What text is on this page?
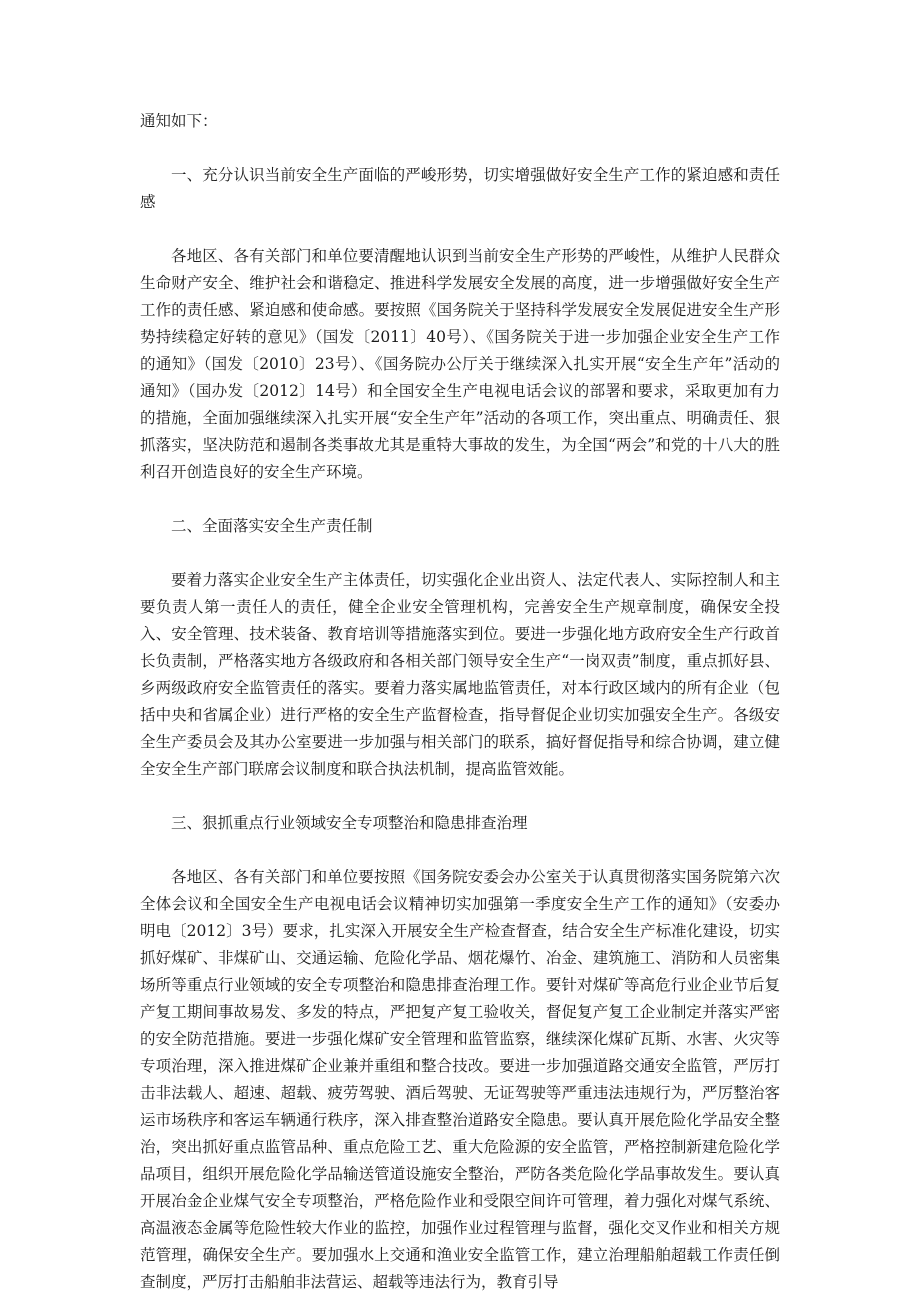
通知如下：

一、充分认识当前安全生产面临的严峻形势，切实增强做好安全生产工作的紧迫感和责任感

各地区、各有关部门和单位要清醒地认识到当前安全生产形势的严峻性，从维护人民群众生命财产安全、维护社会和谐稳定、推进科学发展安全发展的高度，进一步增强做好安全生产工作的责任感、紧迫感和使命感。要按照《国务院关于坚持科学发展安全发展促进安全生产形势持续稳定好转的意见》（国发〔2011〕40号）、《国务院关于进一步加强企业安全生产工作的通知》（国发〔2010〕23号）、《国务院办公厅关于继续深入扎实开展“安全生产年”活动的通知》（国办发〔2012〕14号）和全国安全生产电视电话会议的部署和要求，采取更加有力的措施，全面加强继续深入扎实开展“安全生产年”活动的各项工作，突出重点、明确责任、狠抓落实，坚决防范和遏制各类事故尤其是重特大事故的发生，为全国“两会”和党的十八大的胜利召开创造良好的安全生产环境。

二、全面落实安全生产责任制

要着力落实企业安全生产主体责任，切实强化企业出资人、法定代表人、实际控制人和主要负责人第一责任人的责任，健全企业安全管理机构，完善安全生产规章制度，确保安全投入、安全管理、技术装备、教育培训等措施落实到位。要进一步强化地方政府安全生产行政首长负责制，严格落实地方各级政府和各相关部门领导安全生产“一岗双责”制度，重点抓好县、乡两级政府安全监管责任的落实。要着力落实属地监管责任，对本行政区域内的所有企业（包括中央和省属企业）进行严格的安全生产监督检查，指导督促企业切实加强安全生产。各级安全生产委员会及其办公室要进一步加强与相关部门的联系，搞好督促指导和综合协调，建立健全安全生产部门联席会议制度和联合执法机制，提高监管效能。

三、狠抓重点行业领域安全专项整治和隐患排查治理

各地区、各有关部门和单位要按照《国务院安委会办公室关于认真贯彻落实国务院第六次全体会议和全国安全生产电视电话会议精神切实加强第一季度安全生产工作的通知》（安委办明电〔2012〕3号）要求，扎实深入开展安全生产检查督查，结合安全生产标准化建设，切实抓好煤矿、非煤矿山、交通运输、危险化学品、烟花爆竹、冶金、建筑施工、消防和人员密集场所等重点行业领域的安全专项整治和隐患排查治理工作。要针对煤矿等高危行业企业节后复产复工期间事故易发、多发的特点，严把复产复工验收关，督促复产复工企业制定并落实严密的安全防范措施。要进一步强化煤矿安全管理和监管监察，继续深化煤矿瓦斯、水害、火灾等专项治理，深入推进煤矿企业兼并重组和整合技改。要进一步加强道路交通安全监管，严厉打击非法载人、超速、超载、疲劳驾驶、酒后驾驶、无证驾驶等严重违法违规行为，严厉整治客运市场秩序和客运车辆通行秩序，深入排查整治道路安全隐患。要认真开展危险化学品安全整治，突出抓好重点监管品种、重点危险工艺、重大危险源的安全监管，严格控制新建危险化学品项目，组织开展危险化学品输送管道设施安全整治，严防各类危险化学品事故发生。要认真开展冶金企业煤气安全专项整治，严格危险作业和受限空间许可管理，着力强化对煤气系统、高温液态金属等危险性较大作业的监控，加强作业过程管理与监督，强化交叉作业和相关方规范管理，确保安全生产。要加强水上交通和渔业安全监管工作，建立治理船舶超载工作责任倒查制度，严厉打击船舶非法营运、超载等违法行为，教育引导
